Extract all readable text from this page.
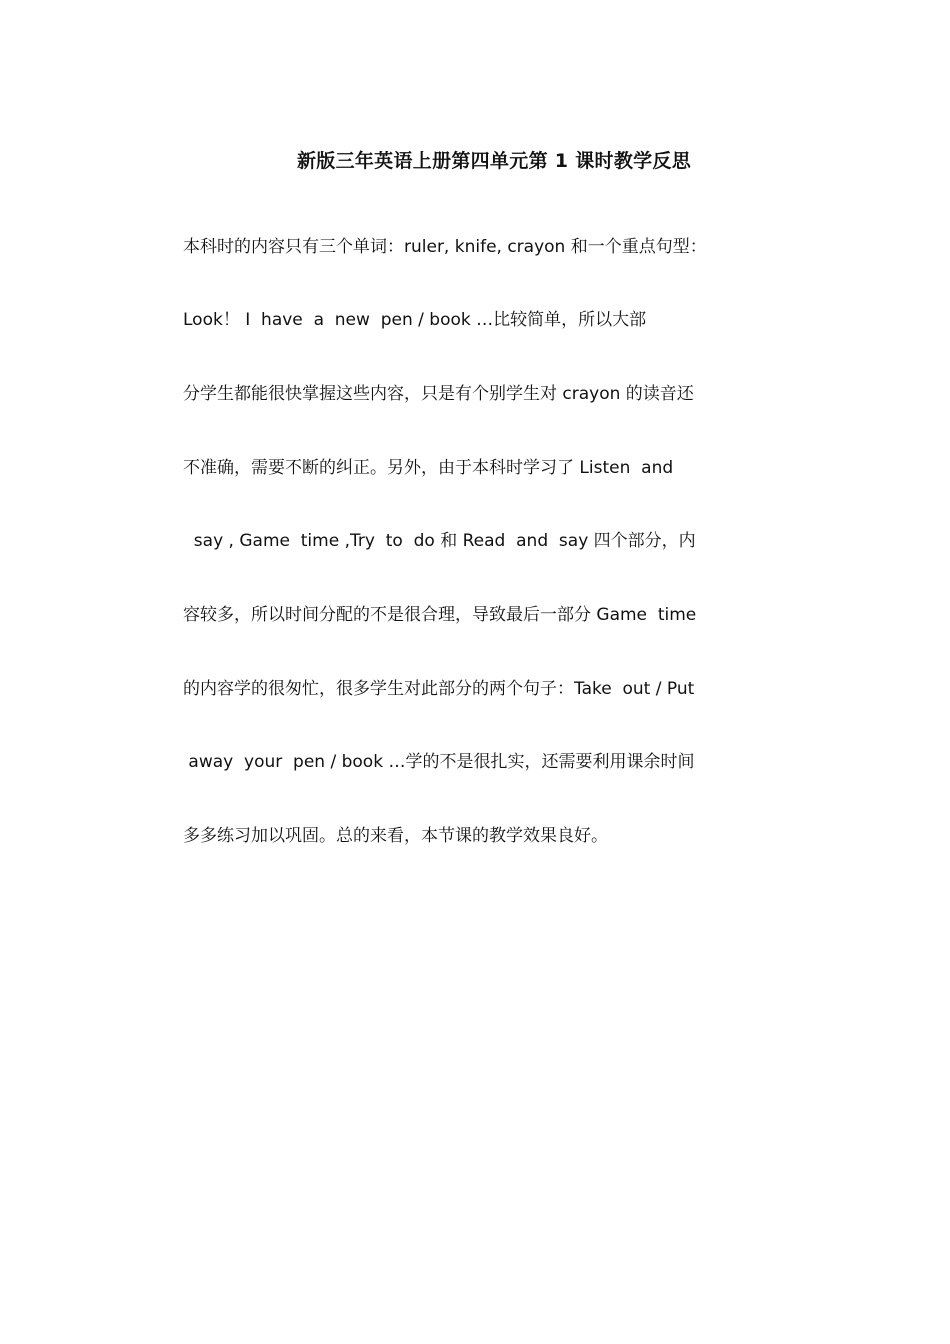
新版三年英语上册第四单元第 1 课时教学反思
本科时的内容只有三个单词：ruler, knife, crayon 和一个重点句型：
Look！ I  have  a  new  pen / book …比较简单，所以大部
分学生都能很快掌握这些内容，只是有个别学生对 crayon 的读音还
不准确，需要不断的纠正。另外，由于本科时学习了 Listen  and
say , Game  time ,Try  to  do 和 Read  and  say 四个部分，内
容较多，所以时间分配的不是很合理，导致最后一部分 Game  time
的内容学的很匆忙，很多学生对此部分的两个句子：Take  out / Put
away  your  pen / book …学的不是很扎实，还需要利用课余时间
多多练习加以巩固。总的来看，本节课的教学效果良好。
